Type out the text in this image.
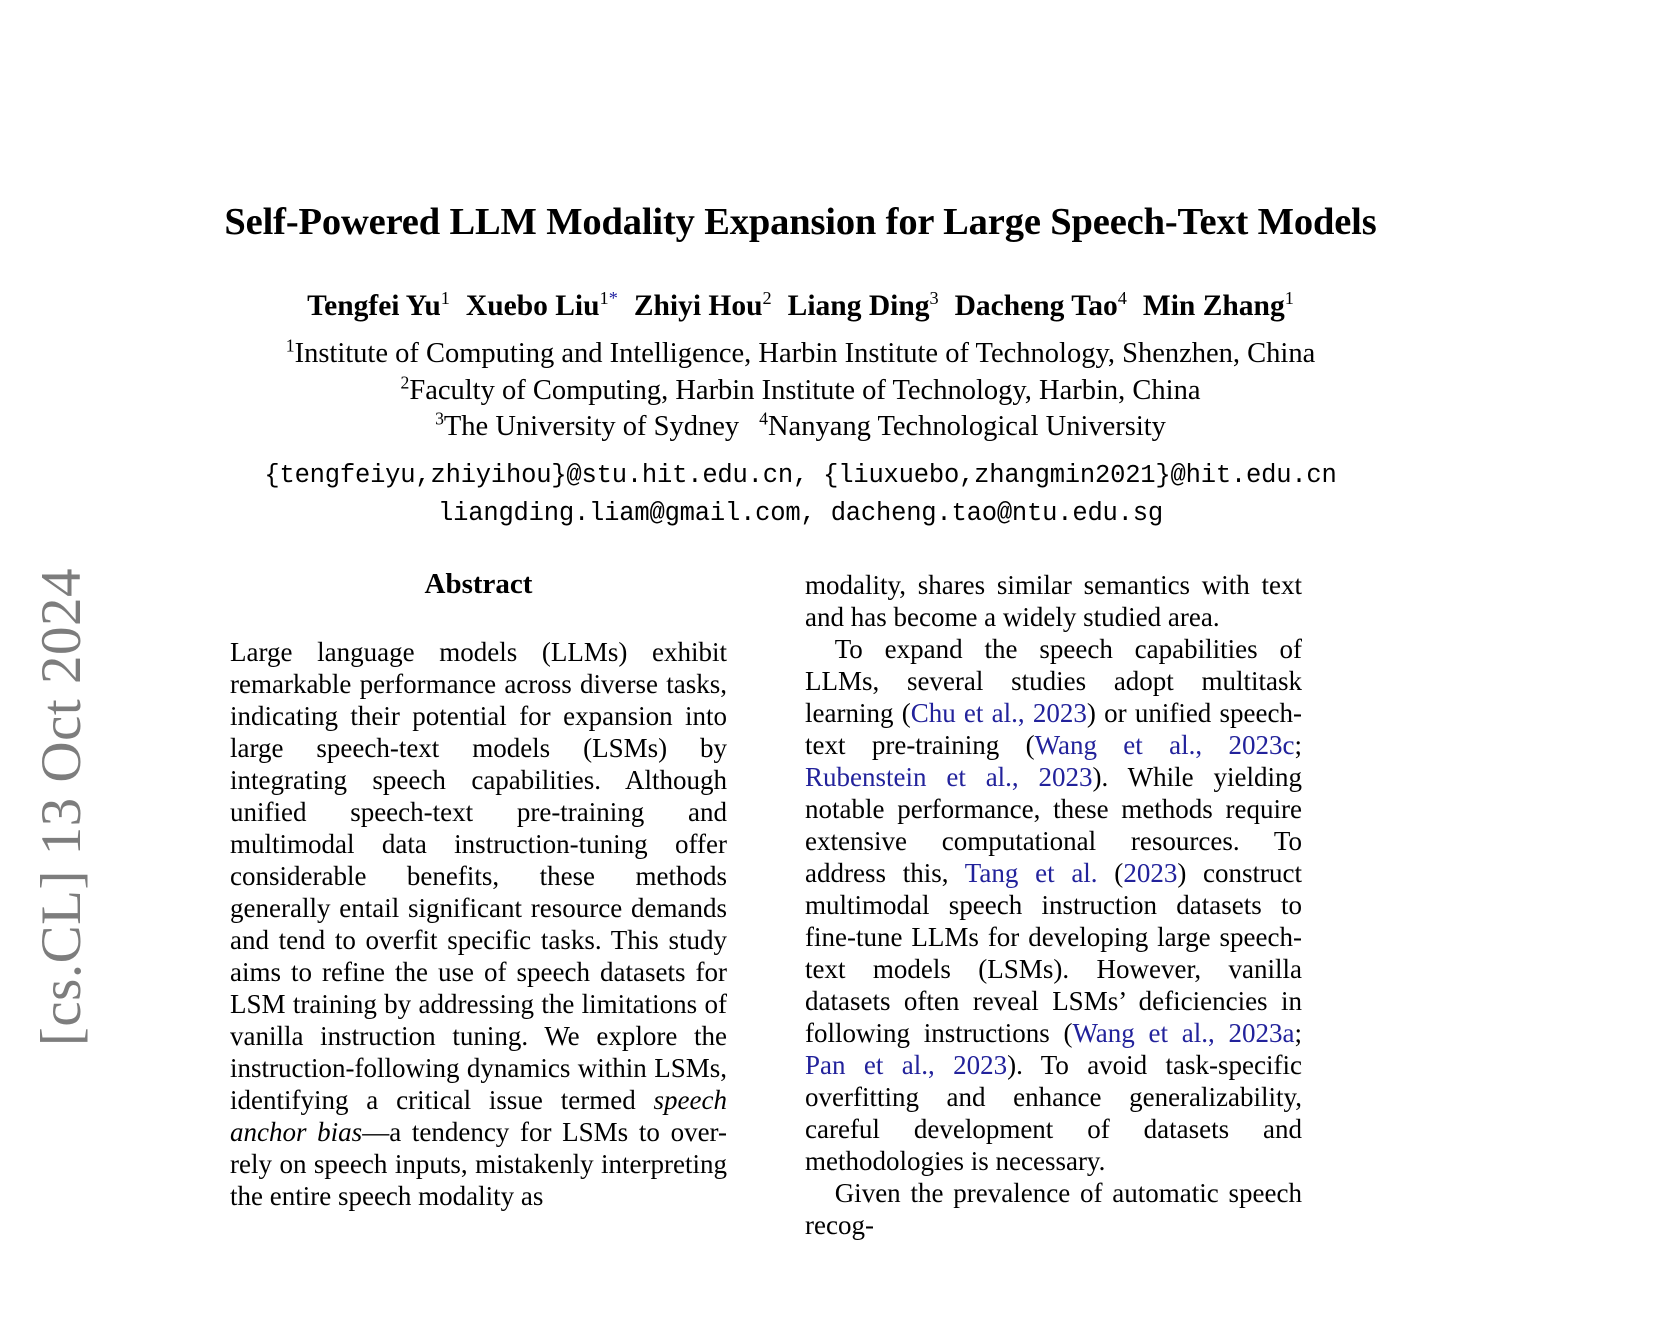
[cs.CL] 13 Oct 2024
Self-Powered LLM Modality Expansion for Large Speech-Text Models
Tengfei Yu$^1$ Xuebo Liu$^{1*}$ Zhiyi Hou$^2$ Liang Ding$^3$ Dacheng Tao$^4$ Min Zhang$^1$
$^1$Institute of Computing and Intelligence, Harbin Institute of Technology, Shenzhen, China
$^2$Faculty of Computing, Harbin Institute of Technology, Harbin, China
$^3$The University of Sydney $^4$Nanyang Technological University
{tengfeiyu,zhiyihou}@stu.hit.edu.cn, {liuxuebo,zhangmin2021}@hit.edu.cn
liangding.liam@gmail.com, dacheng.tao@ntu.edu.sg
Abstract

Large language models (LLMs) exhibit remarkable performance across diverse tasks, indicating their potential for expansion into large speech-text models (LSMs) by integrating speech capabilities. Although unified speech-text pre-training and multimodal data instruction-tuning offer considerable benefits, these methods generally entail significant resource demands and tend to overfit specific tasks. This study aims to refine the use of speech datasets for LSM training by addressing the limitations of vanilla instruction tuning. We explore the instruction-following dynamics within LSMs, identifying a critical issue termed speech anchor bias—a tendency for LSMs to over-rely on speech inputs, mistakenly interpreting the entire speech modality as

modality, shares similar semantics with text and has become a widely studied area.

To expand the speech capabilities of LLMs, several studies adopt multitask learning (Chu et al., 2023) or unified speech-text pre-training (Wang et al., 2023c; Rubenstein et al., 2023). While yielding notable performance, these methods require extensive computational resources. To address this, Tang et al. (2023) construct multimodal speech instruction datasets to fine-tune LLMs for developing large speech-text models (LSMs). However, vanilla datasets often reveal LSMs’ deficiencies in following instructions (Wang et al., 2023a; Pan et al., 2023). To avoid task-specific overfitting and enhance generalizability, careful development of datasets and methodologies is necessary.

Given the prevalence of automatic speech recog-
